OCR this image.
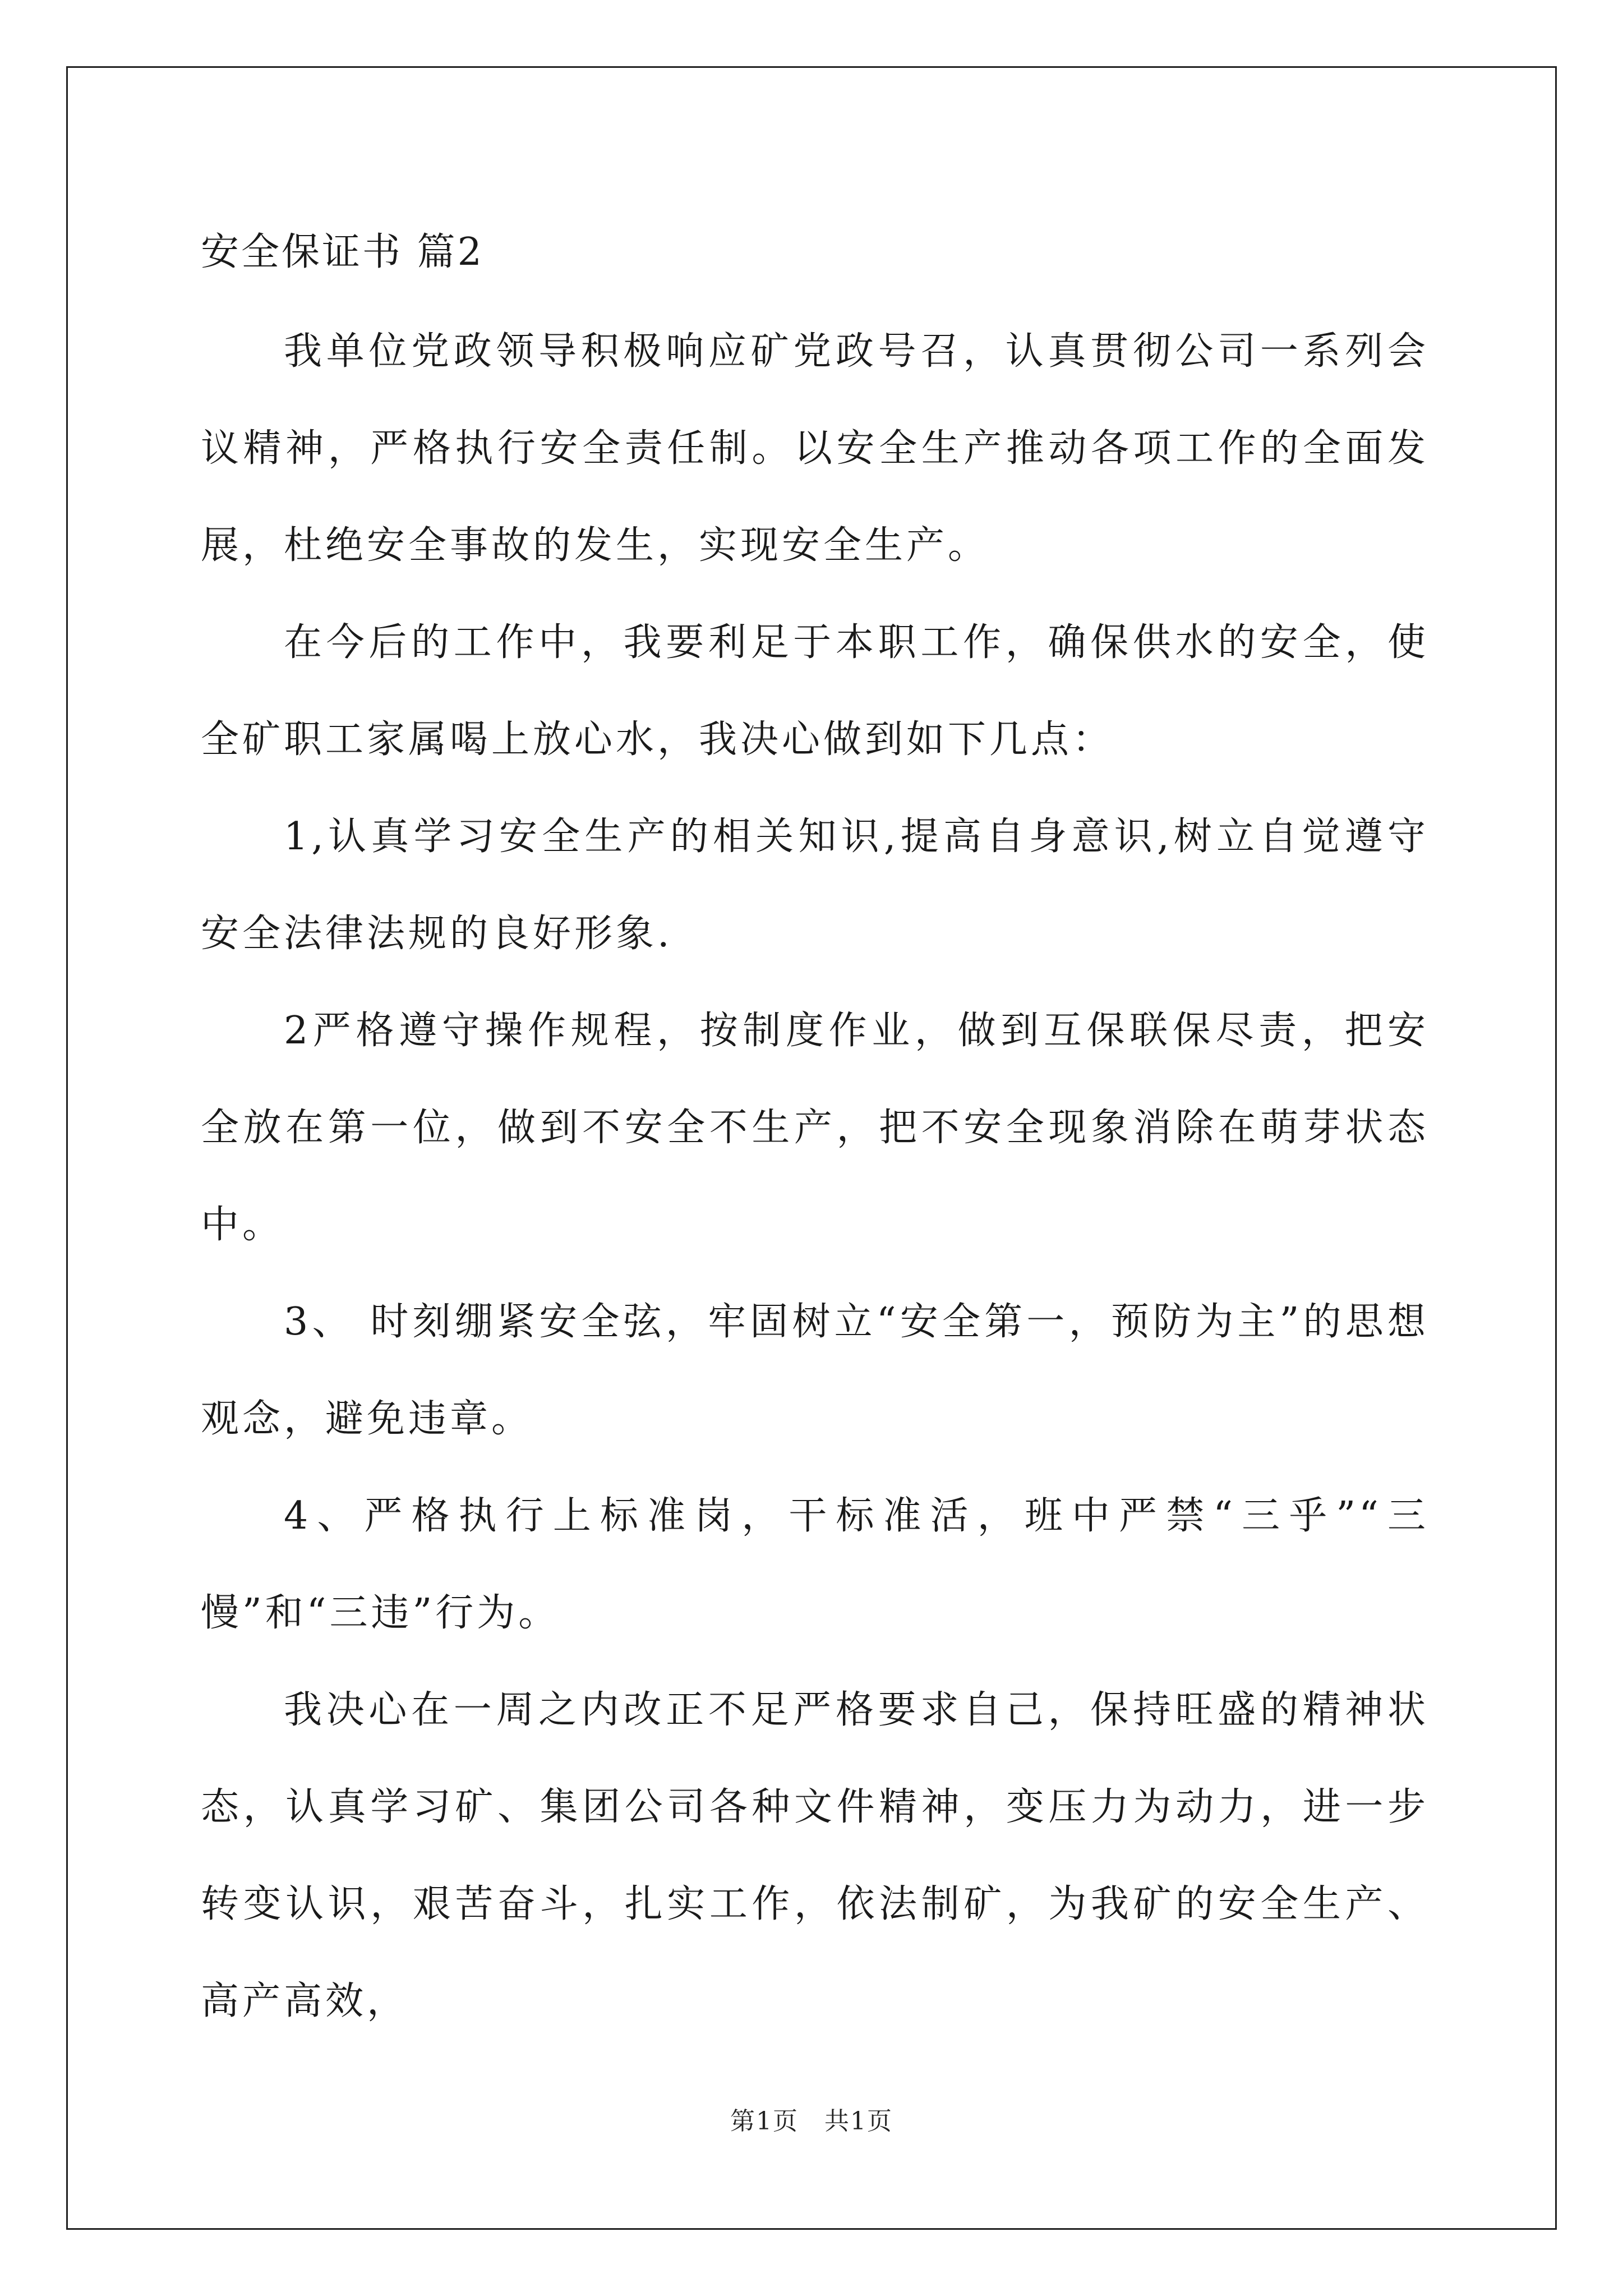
安全保证书 篇2

我单位党政领导积极响应矿党政号召，认真贯彻公司一系列会议精神，严格执行安全责任制。以安全生产推动各项工作的全面发展，杜绝安全事故的发生，实现安全生产。

在今后的工作中，我要利足于本职工作，确保供水的安全，使全矿职工家属喝上放心水，我决心做到如下几点：

1,认真学习安全生产的相关知识,提高自身意识,树立自觉遵守安全法律法规的良好形象.

2严格遵守操作规程，按制度作业，做到互保联保尽责，把安全放在第一位，做到不安全不生产，把不安全现象消除在萌芽状态中。

3、 时刻绷紧安全弦，牢固树立“安全第一，预防为主”的思想观念，避免违章。

4、严格执行上标准岗，干标准活，班中严禁“三乎”“三慢”和“三违”行为。

我决心在一周之内改正不足严格要求自己，保持旺盛的精神状态，认真学习矿、集团公司各种文件精神，变压力为动力，进一步转变认识，艰苦奋斗，扎实工作，依法制矿，为我矿的安全生产、高产高效，

第1页　共1页
